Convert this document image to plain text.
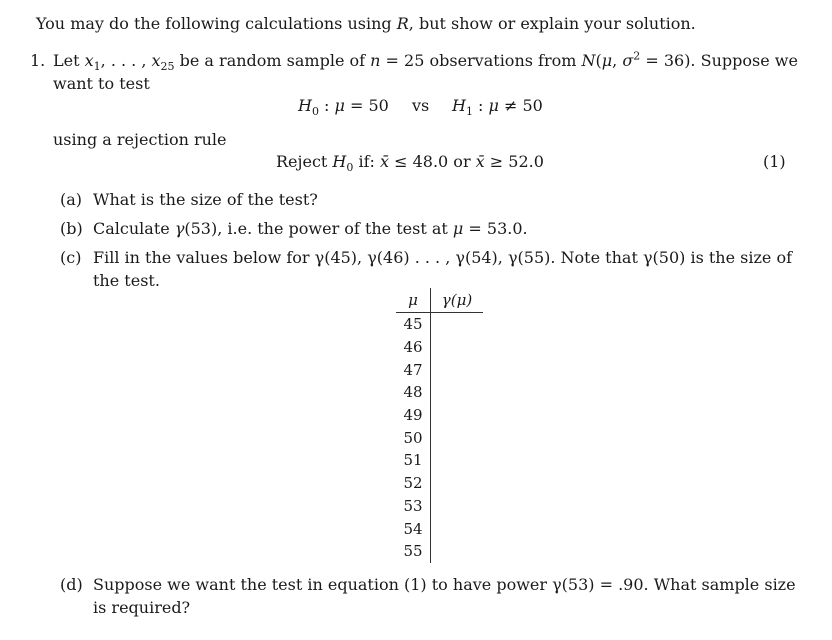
You may do the following calculations using R, but show or explain your solution.
1. Let $x_1$, . . . , $x_{25}$ be a random sample of n = 25 observations from N(μ, $\sigma^2 = 36$). Suppose we
want to test
$H_0$ : μ = 50 vs $H_1$ : μ ≠ 50
using a rejection rule
Reject $H_0$ if: x̄ ≤ 48.0 or x̄ ≥ 52.0	(1)
(a) What is the size of the test?
(b) Calculate γ(53), i.e. the power of the test at μ = 53.0.
(c) Fill in the values below for γ(45), γ(46) . . . , γ(54), γ(55). Note that γ(50) is the size of
the test.
μ	γ(μ)
45	
46	
47	
48	
49	
50	
51	
52	
53	
54	
55	
(d) Suppose we want the test in equation (1) to have power γ(53) = .90. What sample size
is required?
